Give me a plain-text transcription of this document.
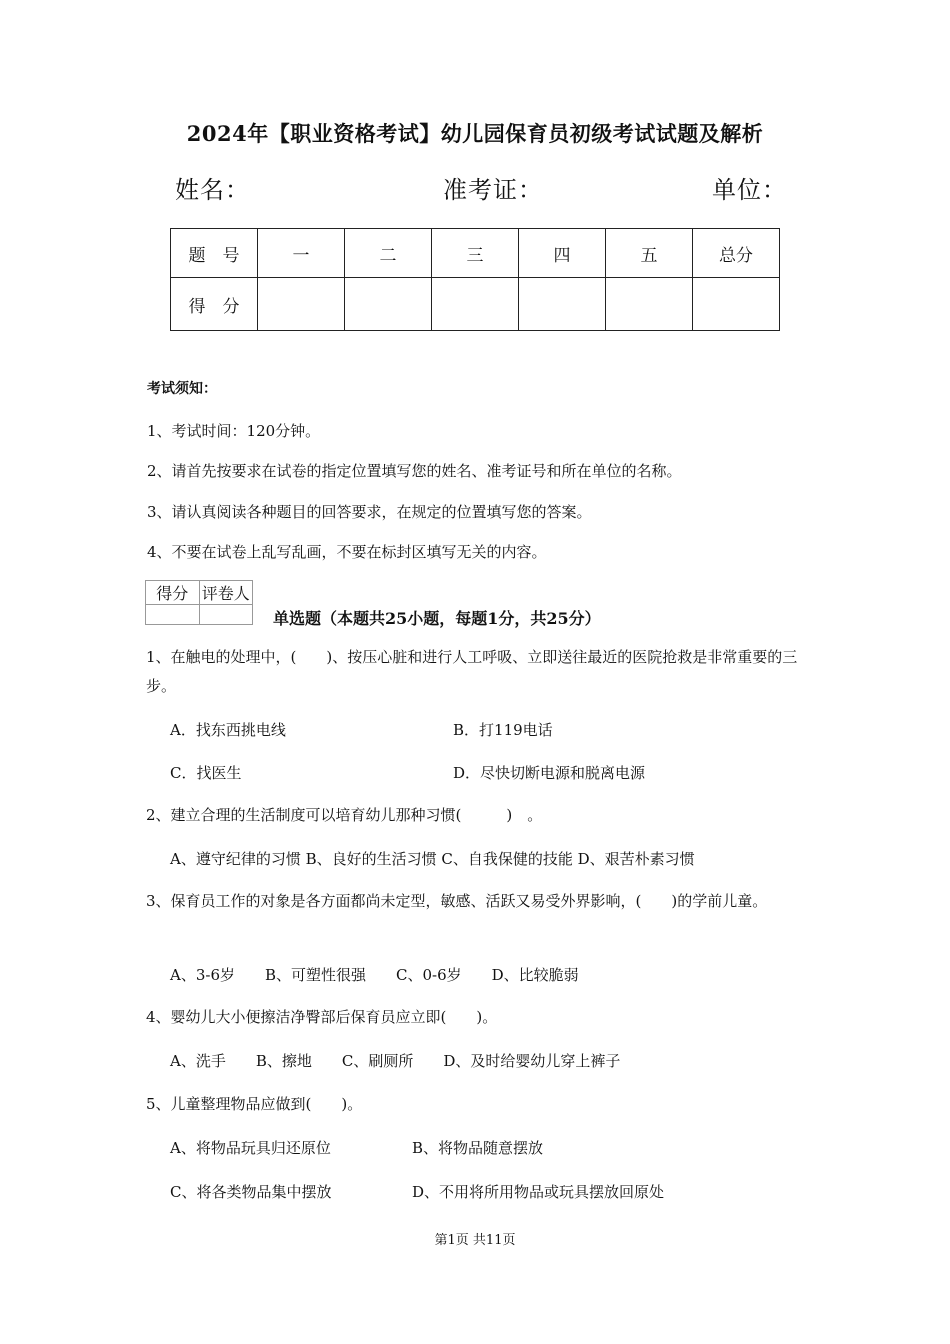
2024年【职业资格考试】幼儿园保育员初级考试试题及解析
姓名：	准考证：	单位：
题　号	一	二	三	四	五	总分
得　分						
考试须知：
1、考试时间：120分钟。
2、请首先按要求在试卷的指定位置填写您的姓名、准考证号和所在单位的名称。
3、请认真阅读各种题目的回答要求，在规定的位置填写您的答案。
4、不要在试卷上乱写乱画，不要在标封区填写无关的内容。
得分	评卷人

单选题（本题共25小题，每题1分，共25分）
1、在触电的处理中，(　　)、按压心脏和进行人工呼吸、立即送往最近的医院抢救是非常重要的三步。
A．找东西挑电线	B．打119电话
C．找医生	D．尽快切断电源和脱离电源
2、建立合理的生活制度可以培育幼儿那种习惯(　　　)　。
A、遵守纪律的习惯 B、良好的生活习惯 C、自我保健的技能 D、艰苦朴素习惯
3、保育员工作的对象是各方面都尚未定型，敏感、活跃又易受外界影响，(　　)的学前儿童。
A、3-6岁　　B、可塑性很强　　C、0-6岁　　D、比较脆弱
4、婴幼儿大小便擦洁净臀部后保育员应立即(　　)。
A、洗手　　B、擦地　　C、刷厕所　　D、及时给婴幼儿穿上裤子
5、儿童整理物品应做到(　　)。
A、将物品玩具归还原位	B、将物品随意摆放
C、将各类物品集中摆放	D、不用将所用物品或玩具摆放回原处
第1页 共11页
